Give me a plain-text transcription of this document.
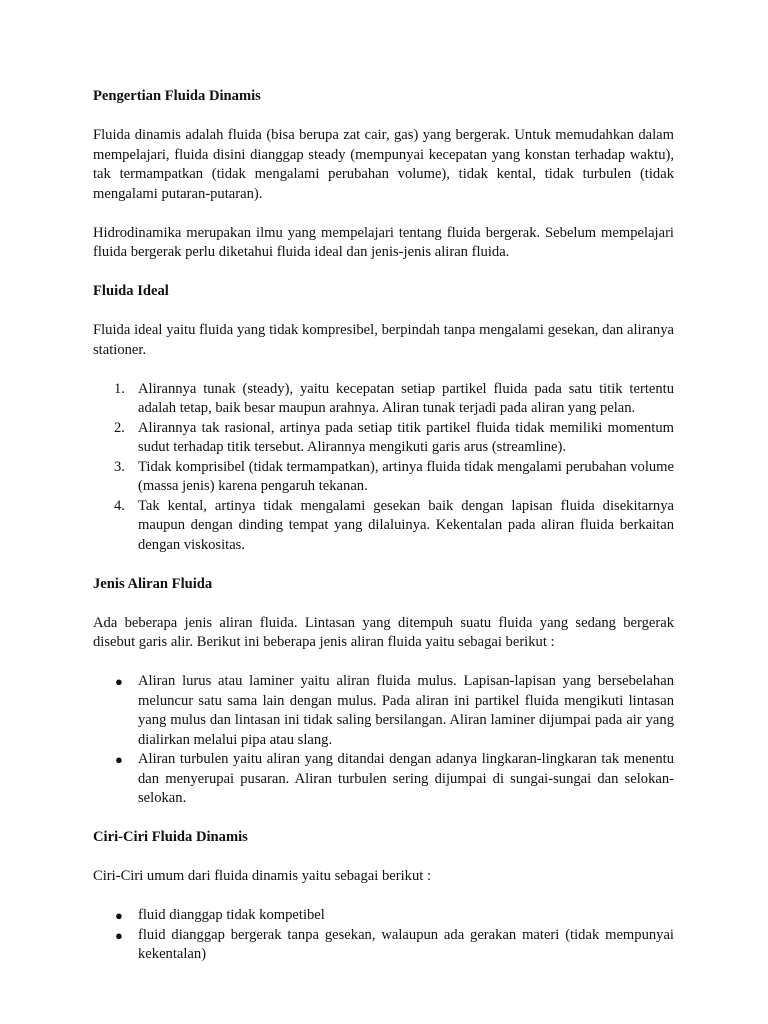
Pengertian Fluida Dinamis

Fluida dinamis adalah fluida (bisa berupa zat cair, gas) yang bergerak. Untuk memudahkan dalam mempelajari, fluida disini dianggap steady (mempunyai kecepatan yang konstan terhadap waktu), tak termampatkan (tidak mengalami perubahan volume), tidak kental, tidak turbulen (tidak mengalami putaran-putaran).

Hidrodinamika merupakan ilmu yang mempelajari tentang fluida bergerak. Sebelum mempelajari fluida bergerak perlu diketahui fluida ideal dan jenis-jenis aliran fluida.

Fluida Ideal

Fluida ideal yaitu fluida yang tidak kompresibel, berpindah tanpa mengalami gesekan, dan aliranya stationer.

1. Alirannya tunak (steady), yaitu kecepatan setiap partikel fluida pada satu titik tertentu adalah tetap, baik besar maupun arahnya. Aliran tunak terjadi pada aliran yang pelan.
2. Alirannya tak rasional, artinya pada setiap titik partikel fluida tidak memiliki momentum sudut terhadap titik tersebut. Alirannya mengikuti garis arus (streamline).
3. Tidak komprisibel (tidak termampatkan), artinya fluida tidak mengalami perubahan volume (massa jenis) karena pengaruh tekanan.
4. Tak kental, artinya tidak mengalami gesekan baik dengan lapisan fluida disekitarnya maupun dengan dinding tempat yang dilaluinya. Kekentalan pada aliran fluida berkaitan dengan viskositas.
Jenis Aliran Fluida

Ada beberapa jenis aliran fluida. Lintasan yang ditempuh suatu fluida yang sedang bergerak disebut garis alir. Berikut ini beberapa jenis aliran fluida yaitu sebagai berikut :

● Aliran lurus atau laminer yaitu aliran fluida mulus. Lapisan-lapisan yang bersebelahan meluncur satu sama lain dengan mulus. Pada aliran ini partikel fluida mengikuti lintasan yang mulus dan lintasan ini tidak saling bersilangan. Aliran laminer dijumpai pada air yang dialirkan melalui pipa atau slang.
● Aliran turbulen yaitu aliran yang ditandai dengan adanya lingkaran-lingkaran tak menentu dan menyerupai pusaran. Aliran turbulen sering dijumpai di sungai-sungai dan selokan-selokan.
Ciri-Ciri Fluida Dinamis

Ciri-Ciri umum dari fluida dinamis yaitu sebagai berikut :

● fluid dianggap tidak kompetibel
● fluid dianggap bergerak tanpa gesekan, walaupun ada gerakan materi (tidak mempunyai kekentalan)
